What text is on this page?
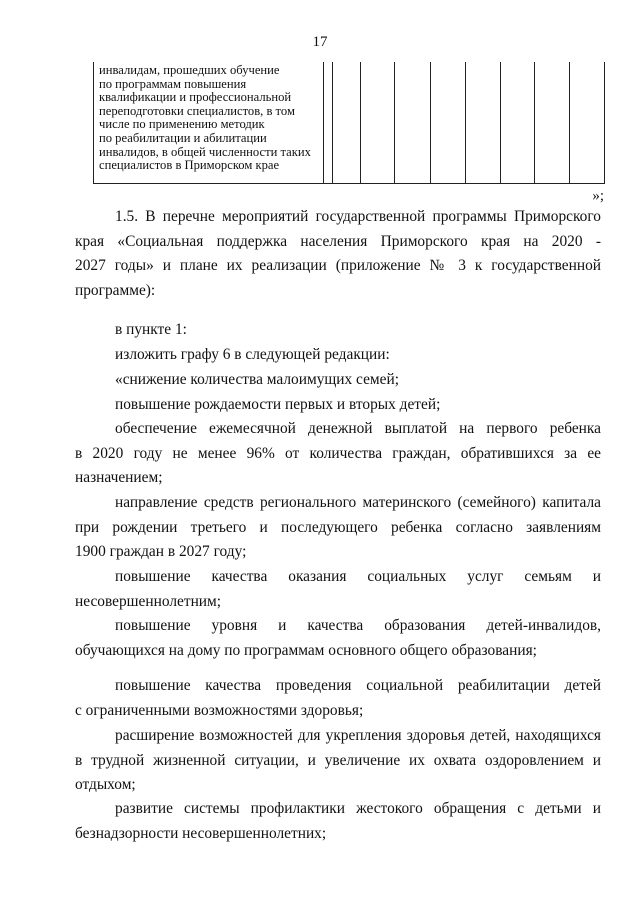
17
инвалидам, прошедших обучение
по программам повышения
квалификации и профессиональной
переподготовки специалистов, в том
числе по применению методик
по реабилитации и абилитации
инвалидов, в общей численности таких
специалистов в Приморском крае
»;
1.5. В перечне мероприятий государственной программы Приморского
края «Социальная поддержка населения Приморского края на 2020 -
2027 годы» и плане их реализации (приложение № 3 к государственной
программе):
в пункте 1:
изложить графу 6 в следующей редакции:
«снижение количества малоимущих семей;
повышение рождаемости первых и вторых детей;
обеспечение ежемесячной денежной выплатой на первого ребенка
в 2020 году не менее 96% от количества граждан, обратившихся за ее
назначением;
направление средств регионального материнского (семейного) капитала
при рождении третьего и последующего ребенка согласно заявлениям
1900 граждан в 2027 году;
повышение качества оказания социальных услуг семьям и
несовершеннолетним;
повышение уровня и качества образования детей-инвалидов,
обучающихся на дому по программам основного общего образования;
повышение качества проведения социальной реабилитации детей
с ограниченными возможностями здоровья;
расширение возможностей для укрепления здоровья детей, находящихся
в трудной жизненной ситуации, и увеличение их охвата оздоровлением и
отдыхом;
развитие системы профилактики жестокого обращения с детьми и
безнадзорности несовершеннолетних;
